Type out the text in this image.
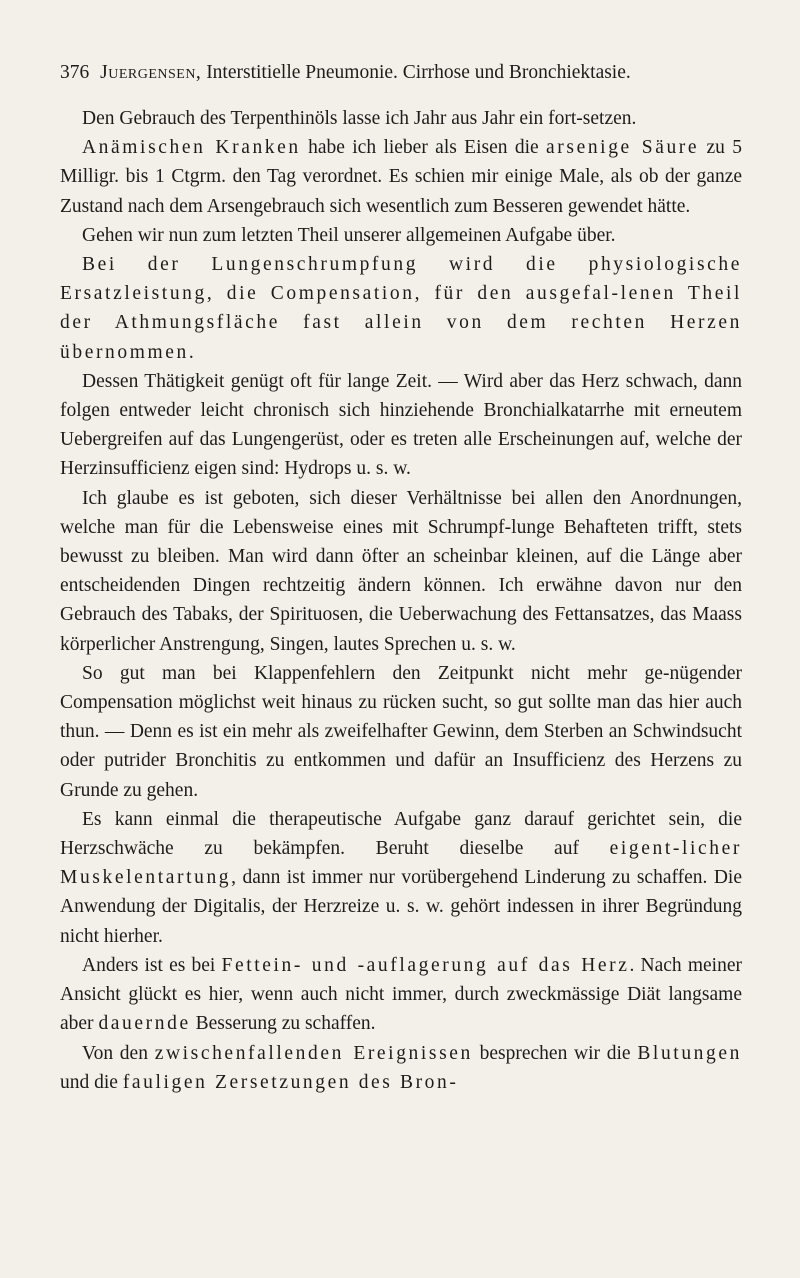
376 Juergensen, Interstitielle Pneumonie. Cirrhose und Bronchiektasie.

Den Gebrauch des Terpenthinöls lasse ich Jahr aus Jahr ein fort-setzen.

Anämischen Kranken habe ich lieber als Eisen die arsenige Säure zu 5 Milligr. bis 1 Ctgrm. den Tag verordnet. Es schien mir einige Male, als ob der ganze Zustand nach dem Arsengebrauch sich wesentlich zum Besseren gewendet hätte.

Gehen wir nun zum letzten Theil unserer allgemeinen Aufgabe über.

Bei der Lungenschrumpfung wird die physiologische Ersatzleistung, die Compensation, für den ausgefal-lenen Theil der Athmungsfläche fast allein von dem rechten Herzen übernommen.

Dessen Thätigkeit genügt oft für lange Zeit. — Wird aber das Herz schwach, dann folgen entweder leicht chronisch sich hinziehende Bronchialkatarrhe mit erneutem Uebergreifen auf das Lungengerüst, oder es treten alle Erscheinungen auf, welche der Herzinsufficienz eigen sind: Hydrops u. s. w.

Ich glaube es ist geboten, sich dieser Verhältnisse bei allen den Anordnungen, welche man für die Lebensweise eines mit Schrumpf-lunge Behafteten trifft, stets bewusst zu bleiben. Man wird dann öfter an scheinbar kleinen, auf die Länge aber entscheidenden Dingen rechtzeitig ändern können. Ich erwähne davon nur den Gebrauch des Tabaks, der Spirituosen, die Ueberwachung des Fettansatzes, das Maass körperlicher Anstrengung, Singen, lautes Sprechen u. s. w.

So gut man bei Klappenfehlern den Zeitpunkt nicht mehr ge-nügender Compensation möglichst weit hinaus zu rücken sucht, so gut sollte man das hier auch thun. — Denn es ist ein mehr als zweifelhafter Gewinn, dem Sterben an Schwindsucht oder putrider Bronchitis zu entkommen und dafür an Insufficienz des Herzens zu Grunde zu gehen.

Es kann einmal die therapeutische Aufgabe ganz darauf gerichtet sein, die Herzschwäche zu bekämpfen. Beruht dieselbe auf eigent-licher Muskelentartung, dann ist immer nur vorübergehend Linderung zu schaffen. Die Anwendung der Digitalis, der Herzreize u. s. w. gehört indessen in ihrer Begründung nicht hierher.

Anders ist es bei Fettein- und -auflagerung auf das Herz. Nach meiner Ansicht glückt es hier, wenn auch nicht immer, durch zweckmässige Diät langsame aber dauernde Besserung zu schaffen.

Von den zwischenfallenden Ereignissen besprechen wir die Blutungen und die fauligen Zersetzungen des Bron-
